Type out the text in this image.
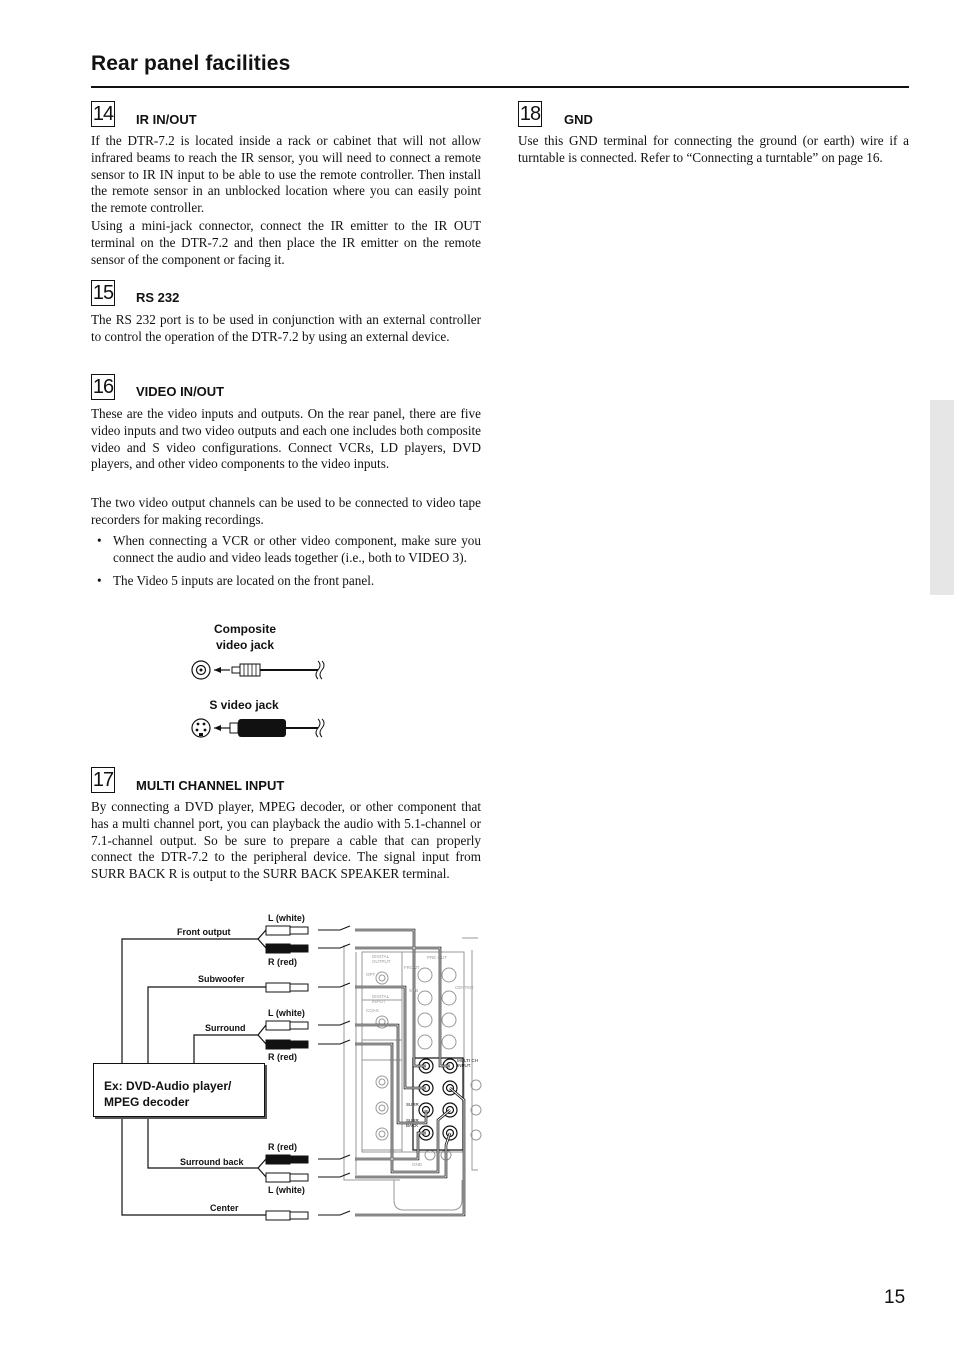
Rear panel facilities
14 IR IN/OUT
If the DTR-7.2 is located inside a rack or cabinet that will not allow infrared beams to reach the IR sensor, you will need to connect a remote sensor to IR IN input to be able to use the remote controller. Then install the remote sensor in an unblocked location where you can easily point the remote controller.
Using a mini-jack connector, connect the IR emitter to the IR OUT terminal on the DTR-7.2 and then place the IR emitter on the remote sensor of the component or facing it.
15 RS 232
The RS 232 port is to be used in conjunction with an external controller to control the operation of the DTR-7.2 by using an external device.
16 VIDEO IN/OUT
These are the video inputs and outputs. On the rear panel, there are five video inputs and two video outputs and each one includes both composite video and S video configurations. Connect VCRs, LD players, DVD players, and other video components to the video inputs.
The two video output channels can be used to be connected to video tape recorders for making recordings.
• When connecting a VCR or other video component, make sure you connect the audio and video leads together (i.e., both to VIDEO 3).
• The Video 5 inputs are located on the front panel.
Composite
video jack
S video jack
17 MULTI CHANNEL INPUT
By connecting a DVD player, MPEG decoder, or other component that has a multi channel port, you can playback the audio with 5.1-channel or 7.1-channel output. So be sure to prepare a cable that can properly connect the DTR-7.2 to the peripheral device. The signal input from SURR BACK R is output to the SURR BACK SPEAKER terminal.
18 GND
Use this GND terminal for connecting the ground (or earth) wire if a turntable is connected. Refer to “Connecting a turntable” on page 16.
DIGITAL OUTPUT
OPT
FRONT
PRE OUT
DIGITAL INPUT
COAX
SUB
CENTER
MULTI CH INPUT
SURR
SURR BACK
GND
Ex: DVD-Audio player/
MPEG decoder
Front output
L (white)
R (red)
Subwoofer
L (white)
Surround
R (red)
R (red)
Surround back
L (white)
Center
15
